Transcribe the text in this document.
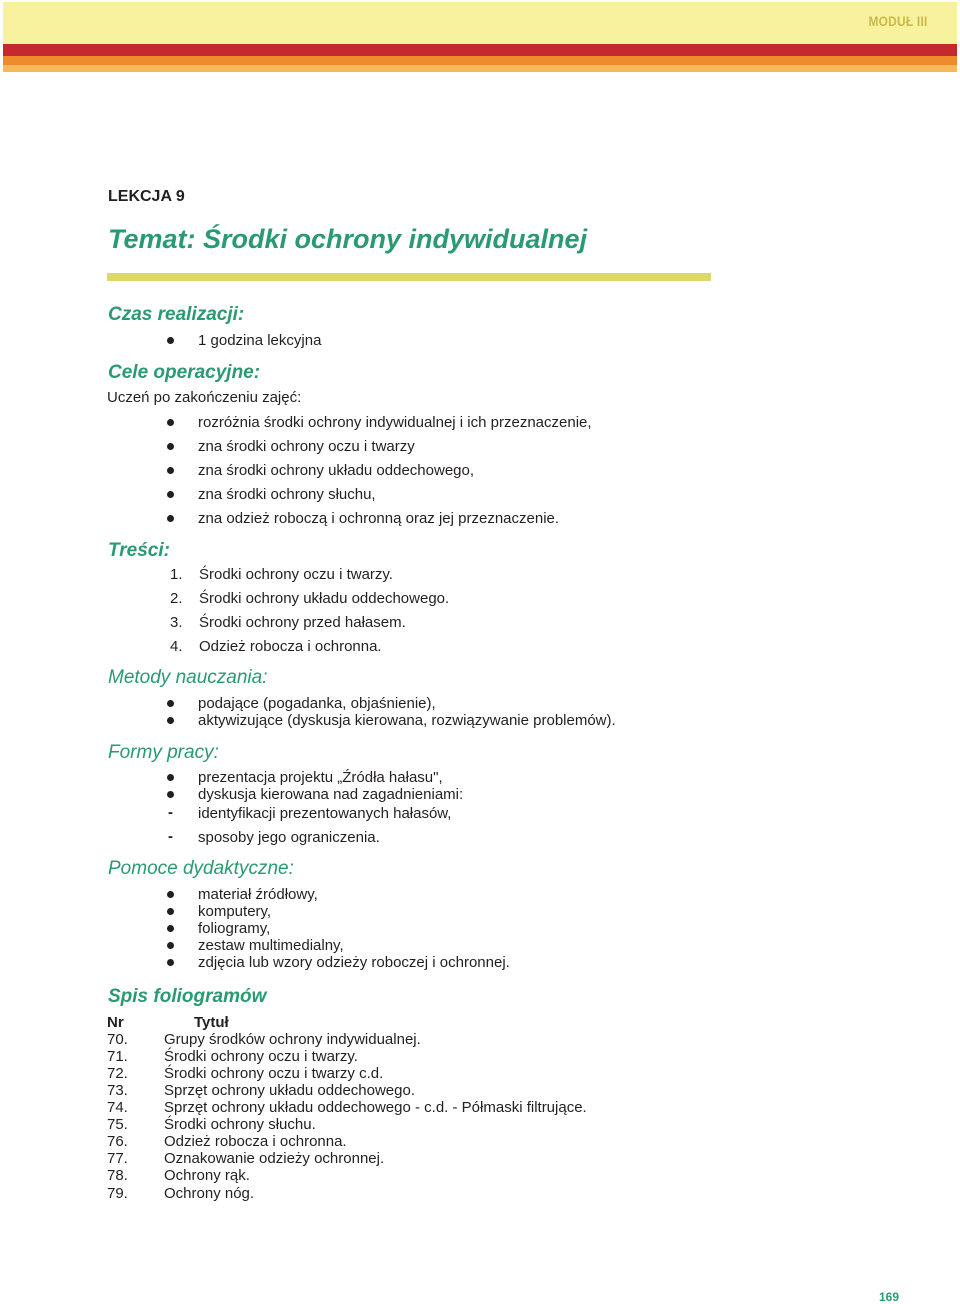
MODUŁ III
LEKCJA 9
Temat: Środki ochrony indywidualnej
Czas realizacji:
1 godzina lekcyjna
Cele operacyjne:
Uczeń po zakończeniu zajęć:
rozróżnia środki ochrony indywidualnej i ich przeznaczenie,
zna środki ochrony oczu i twarzy
zna środki ochrony układu oddechowego,
zna środki ochrony słuchu,
zna odzież roboczą i ochronną oraz jej przeznaczenie.
Treści:
1. Środki ochrony oczu i twarzy.
2. Środki ochrony układu oddechowego.
3. Środki ochrony przed hałasem.
4. Odzież robocza i ochronna.
Metody nauczania:
podające (pogadanka, objaśnienie),
aktywizujące (dyskusja kierowana, rozwiązywanie problemów).
Formy pracy:
prezentacja projektu „Źródła hałasu",
dyskusja kierowana nad zagadnieniami:
- identyfikacji prezentowanych hałasów,
- sposoby jego ograniczenia.
Pomoce dydaktyczne:
materiał źródłowy,
komputery,
foliogramy,
zestaw multimedialny,
zdjęcia lub wzory odzieży roboczej i ochronnej.
Spis foliogramów
Nr	Tytuł
70. Grupy środków ochrony indywidualnej.
71. Środki ochrony oczu i twarzy.
72. Środki ochrony oczu i twarzy c.d.
73. Sprzęt ochrony układu oddechowego.
74. Sprzęt ochrony układu oddechowego - c.d. - Półmaski filtrujące.
75. Środki ochrony słuchu.
76. Odzież robocza i ochronna.
77. Oznakowanie odzieży ochronnej.
78. Ochrony rąk.
79. Ochrony nóg.
169
